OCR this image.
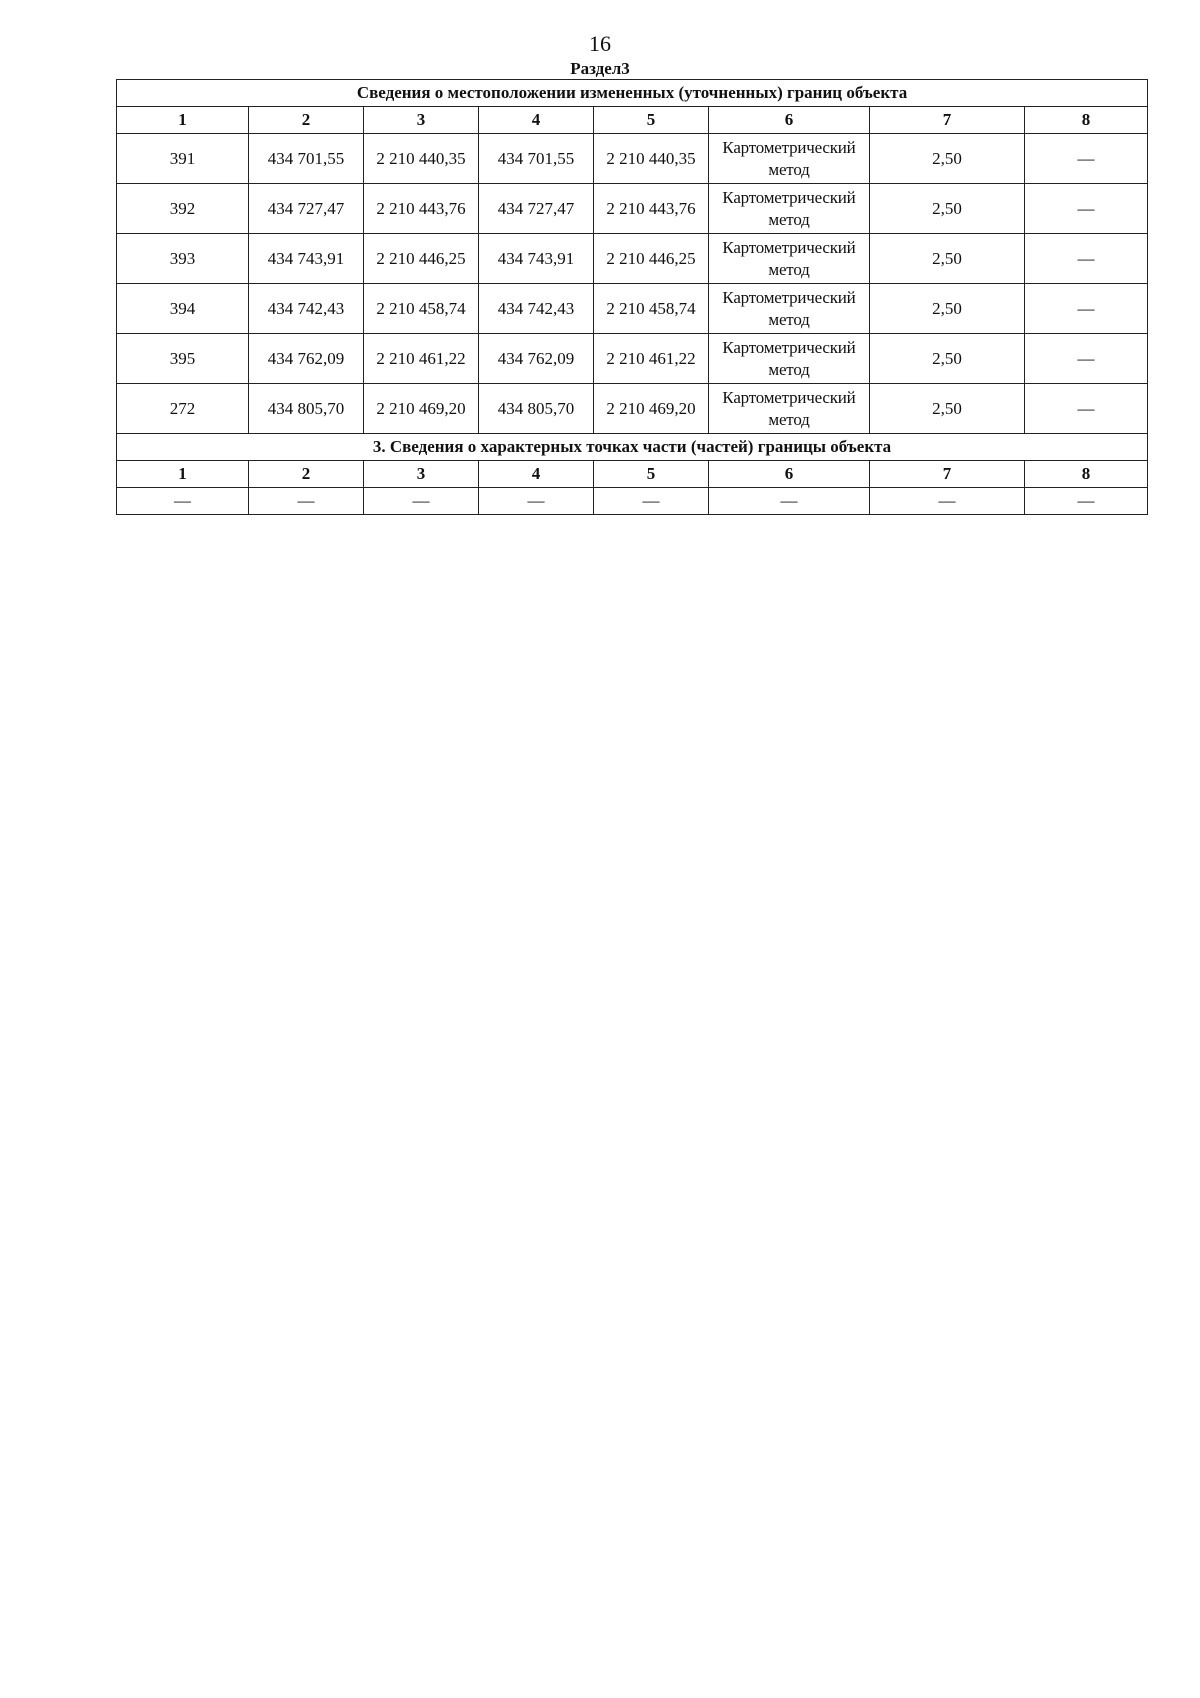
16
Раздел3
Сведения о местоположении измененных (уточненных) границ объекта							
1	2	3	4	5	6	7	8
391	434 701,55	2 210 440,35	434 701,55	2 210 440,35	Картометрический метод	2,50	—
392	434 727,47	2 210 443,76	434 727,47	2 210 443,76	Картометрический метод	2,50	—
393	434 743,91	2 210 446,25	434 743,91	2 210 446,25	Картометрический метод	2,50	—
394	434 742,43	2 210 458,74	434 742,43	2 210 458,74	Картометрический метод	2,50	—
395	434 762,09	2 210 461,22	434 762,09	2 210 461,22	Картометрический метод	2,50	—
272	434 805,70	2 210 469,20	434 805,70	2 210 469,20	Картометрический метод	2,50	—
3. Сведения о характерных точках части (частей) границы объекта							
1	2	3	4	5	6	7	8
—	—	—	—	—	—	—	—
